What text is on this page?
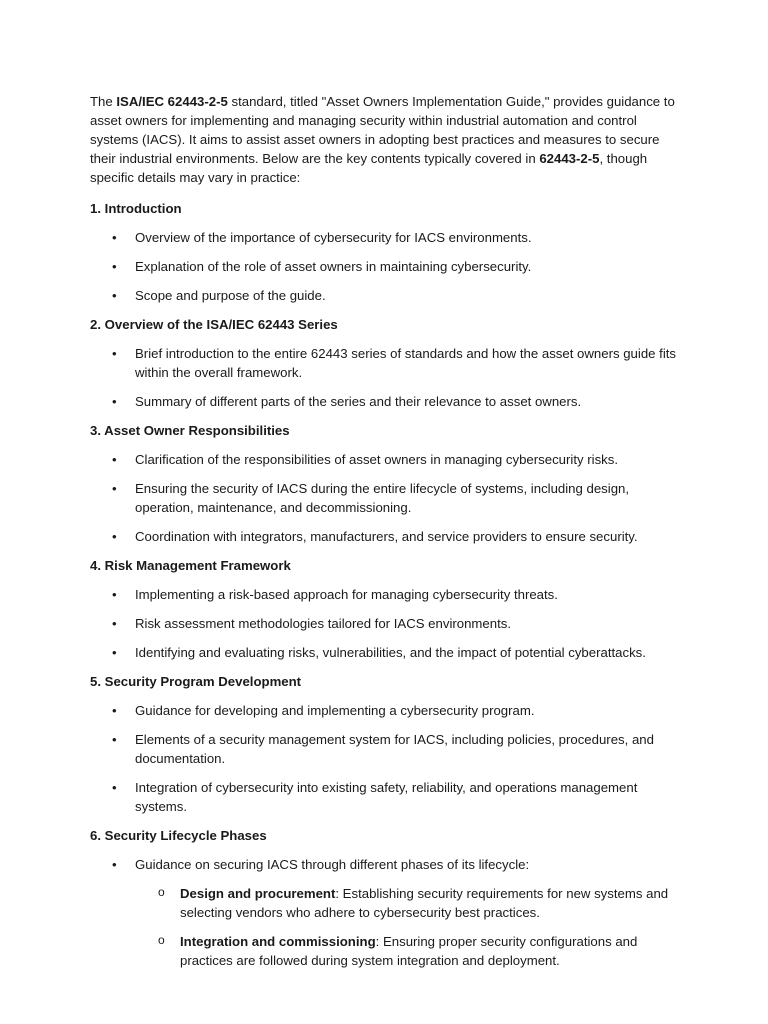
The ISA/IEC 62443-2-5 standard, titled "Asset Owners Implementation Guide," provides guidance to asset owners for implementing and managing security within industrial automation and control systems (IACS). It aims to assist asset owners in adopting best practices and measures to secure their industrial environments. Below are the key contents typically covered in 62443-2-5, though specific details may vary in practice:

1. Introduction
• Overview of the importance of cybersecurity for IACS environments.
• Explanation of the role of asset owners in maintaining cybersecurity.
• Scope and purpose of the guide.
2. Overview of the ISA/IEC 62443 Series
• Brief introduction to the entire 62443 series of standards and how the asset owners guide fits within the overall framework.
• Summary of different parts of the series and their relevance to asset owners.
3. Asset Owner Responsibilities
• Clarification of the responsibilities of asset owners in managing cybersecurity risks.
• Ensuring the security of IACS during the entire lifecycle of systems, including design, operation, maintenance, and decommissioning.
• Coordination with integrators, manufacturers, and service providers to ensure security.
4. Risk Management Framework
• Implementing a risk-based approach for managing cybersecurity threats.
• Risk assessment methodologies tailored for IACS environments.
• Identifying and evaluating risks, vulnerabilities, and the impact of potential cyberattacks.
5. Security Program Development
• Guidance for developing and implementing a cybersecurity program.
• Elements of a security management system for IACS, including policies, procedures, and documentation.
• Integration of cybersecurity into existing safety, reliability, and operations management systems.
6. Security Lifecycle Phases
• Guidance on securing IACS through different phases of its lifecycle:
o Design and procurement: Establishing security requirements for new systems and selecting vendors who adhere to cybersecurity best practices.
o Integration and commissioning: Ensuring proper security configurations and practices are followed during system integration and deployment.
